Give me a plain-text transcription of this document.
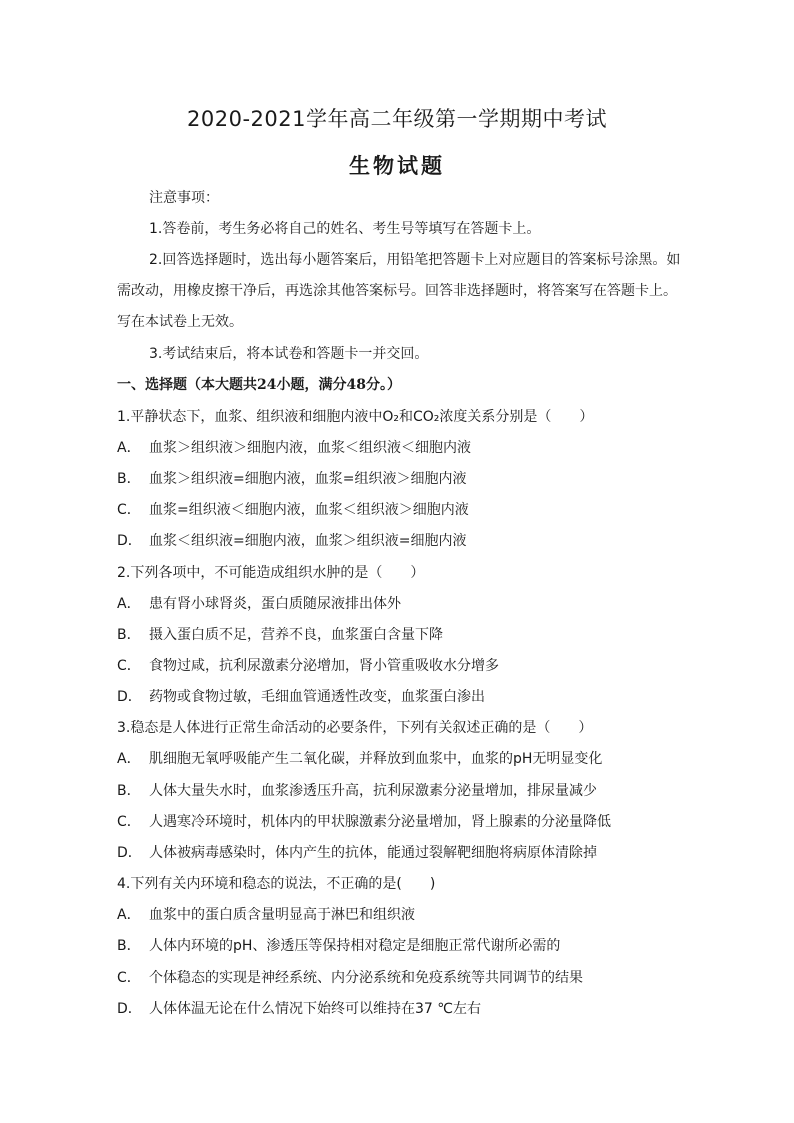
2020-2021学年高二年级第一学期期中考试
生物试题
注意事项：
1.答卷前，考生务必将自己的姓名、考生号等填写在答题卡上。
2.回答选择题时，选出每小题答案后，用铅笔把答题卡上对应题目的答案标号涂黑。如
需改动，用橡皮擦干净后，再选涂其他答案标号。回答非选择题时，将答案写在答题卡上。
写在本试卷上无效。
3.考试结束后，将本试卷和答题卡一并交回。
一、选择题（本大题共24小题，满分48分。）
1.平静状态下，血浆、组织液和细胞内液中O₂和CO₂浓度关系分别是（　　）
A． 血浆＞组织液＞细胞内液，血浆＜组织液＜细胞内液
B． 血浆＞组织液=细胞内液，血浆=组织液＞细胞内液
C． 血浆=组织液＜细胞内液，血浆＜组织液＞细胞内液
D． 血浆＜组织液=细胞内液，血浆＞组织液=细胞内液
2.下列各项中，不可能造成组织水肿的是（　　）
A． 患有肾小球肾炎，蛋白质随尿液排出体外
B． 摄入蛋白质不足，营养不良，血浆蛋白含量下降
C． 食物过咸，抗利尿激素分泌增加，肾小管重吸收水分增多
D． 药物或食物过敏，毛细血管通透性改变，血浆蛋白渗出
3.稳态是人体进行正常生命活动的必要条件，下列有关叙述正确的是（　　）
A． 肌细胞无氧呼吸能产生二氧化碳，并释放到血浆中，血浆的pH无明显变化
B． 人体大量失水时，血浆渗透压升高，抗利尿激素分泌量增加，排尿量减少
C． 人遇寒冷环境时，机体内的甲状腺激素分泌量增加，肾上腺素的分泌量降低
D． 人体被病毒感染时，体内产生的抗体，能通过裂解靶细胞将病原体清除掉
4.下列有关内环境和稳态的说法，不正确的是(　　)
A． 血浆中的蛋白质含量明显高于淋巴和组织液
B． 人体内环境的pH、渗透压等保持相对稳定是细胞正常代谢所必需的
C． 个体稳态的实现是神经系统、内分泌系统和免疫系统等共同调节的结果
D． 人体体温无论在什么情况下始终可以维持在37 ℃左右
